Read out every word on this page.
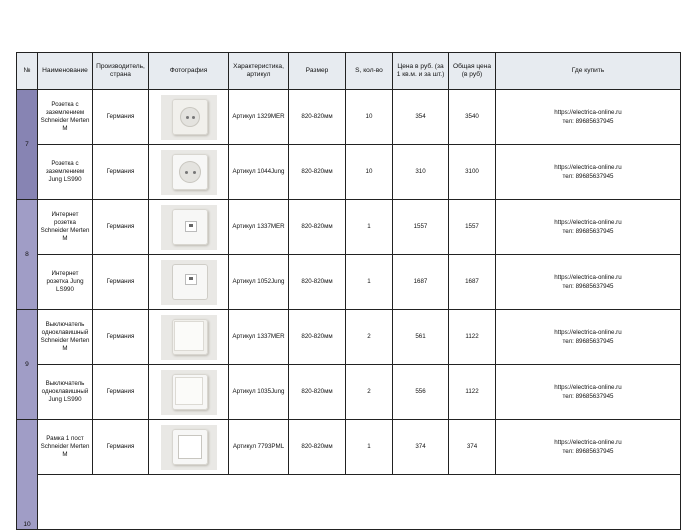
№	Наименование	Производитель, страна	Фотография	Характеристика, артикул	Размер	S, кол-во	Цена в руб. (за 1 кв.м. и за шт.)	Общая цена (в руб)	Где купить
7	Розетка с заземлением Schneider Merten M	Германия		Артикул 1329MER	820-820мм	10	354	3540	https://electrica-online.ru
тел: 89685637945

	Розетка с заземлением Jung LS990	Германия		Артикул 1044Jung	820-820мм	10	310	3100	https://electrica-online.ru
тел: 89685637945

8	Интернет розетка Schneider Merten M	Германия		Артикул 1337MER	820-820мм	1	1557	1557	https://electrica-online.ru
тел: 89685637945

	Интернет розетка Jung LS990	Германия		Артикул 1052Jung	820-820мм	1	1687	1687	https://electrica-online.ru
тел: 89685637945

9	Выключатель одноклавишный Schneider Merten M	Германия		Артикул 1337MER	820-820мм	2	561	1122	https://electrica-online.ru
тел: 89685637945

	Выключатель одноклавишный Jung LS990	Германия		Артикул 1035Jung	820-820мм	2	556	1122	https://electrica-online.ru
тел: 89685637945

10	Рамка 1 пост Schneider Merten M	Германия		Артикул 7793PML	820-820мм	1	374	374	https://electrica-online.ru
тел: 89685637945
